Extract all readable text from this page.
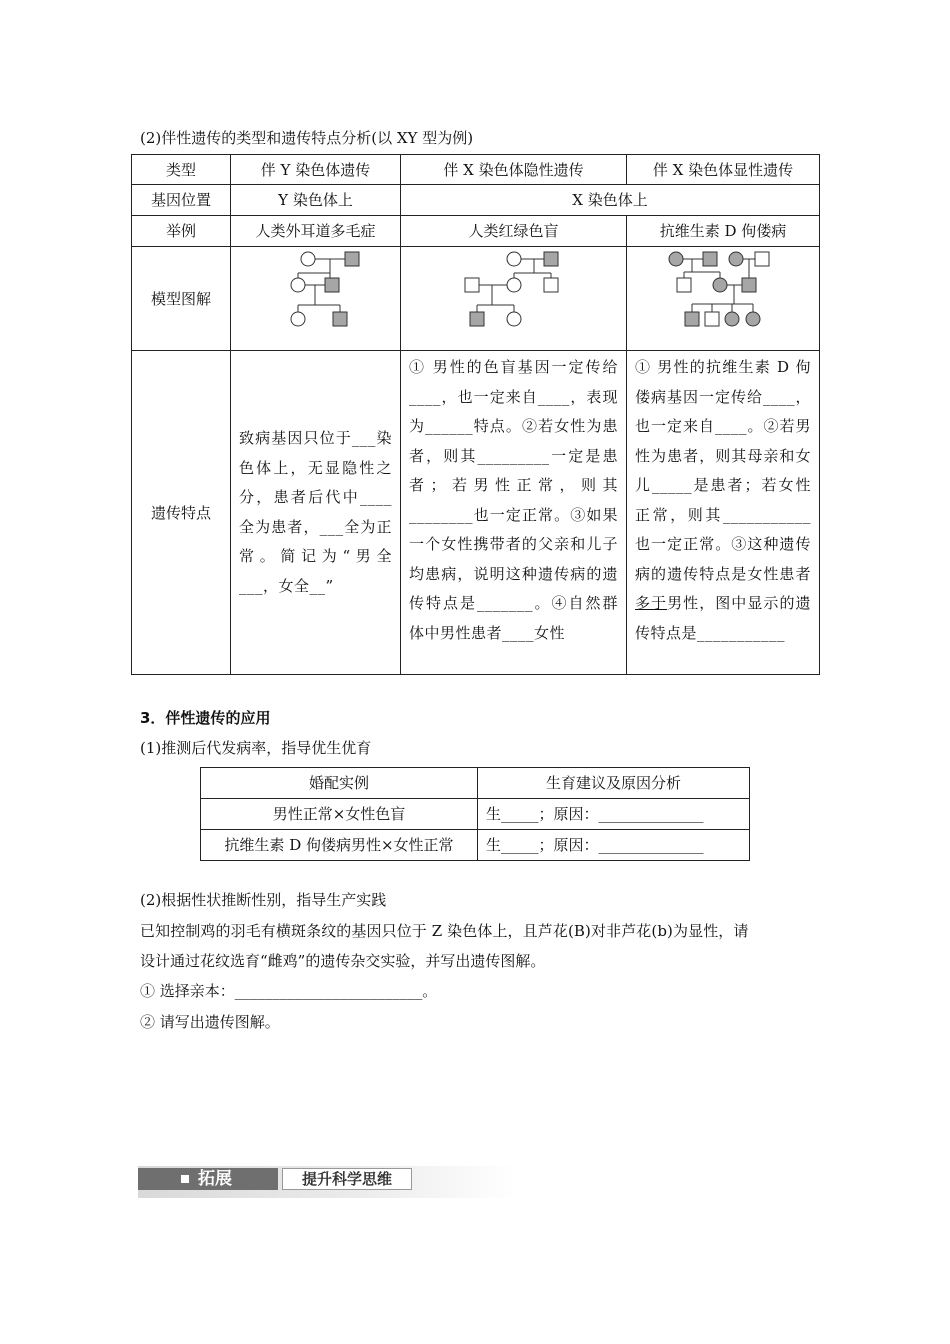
(2)伴性遗传的类型和遗传特点分析(以 XY 型为例)
类型	伴 Y 染色体遗传	伴 X 染色体隐性遗传	伴 X 染色体显性遗传
基因位置	Y 染色体上	X 染色体上	
举例	人类外耳道多毛症	人类红绿色盲	抗维生素 D 佝偻病
模型图解	

遗传特点	致病基因只位于___染色体上，无显隐性之分，患者后代中____全为患者，___全为正常。简记为“男全___，女全__”	① 男性的色盲基因一定传给____，也一定来自____，表现为______特点。②若女性为患者，则其_________一定是患者；若男性正常，则其________也一定正常。③如果一个女性携带者的父亲和儿子均患病，说明这种遗传病的遗传特点是_______。④自然群体中男性患者____女性	① 男性的抗维生素 D 佝偻病基因一定传给____，也一定来自____。②若男性为患者，则其母亲和女儿_____是患者；若女性正常，则其___________也一定正常。③这种遗传病的遗传特点是女性患者多于男性，图中显示的遗传特点是___________
3．伴性遗传的应用
(1)推测后代发病率，指导优生优育
婚配实例	生育建议及原因分析
男性正常×女性色盲	生_____；原因：______________
抗维生素 D 佝偻病男性×女性正常	生_____；原因：______________
(2)根据性状推断性别，指导生产实践
已知控制鸡的羽毛有横斑条纹的基因只位于 Z 染色体上，且芦花(B)对非芦花(b)为显性，请
设计通过花纹选育“雌鸡”的遗传杂交实验，并写出遗传图解。
① 选择亲本：_________________________。
② 请写出遗传图解。
拓展	提升科学思维
